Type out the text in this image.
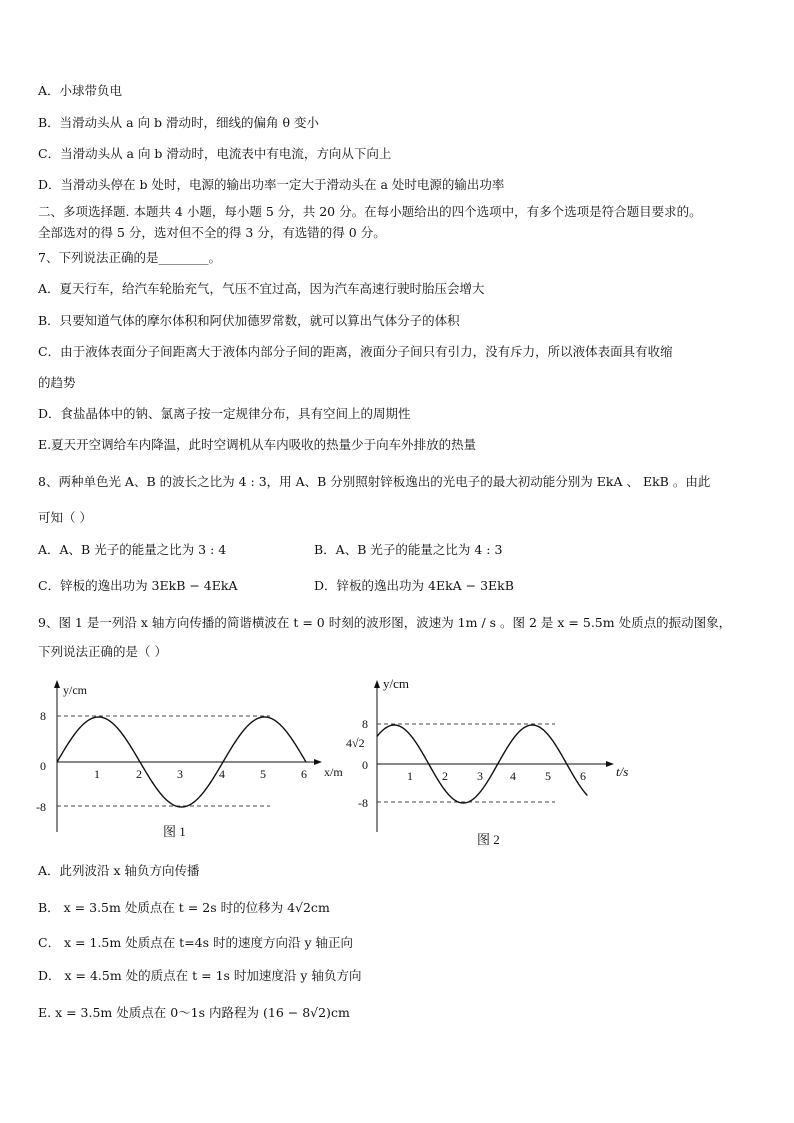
A．小球带负电
B．当滑动头从 a 向 b 滑动时，细线的偏角 θ 变小
C．当滑动头从 a 向 b 滑动时，电流表中有电流，方向从下向上
D．当滑动头停在 b 处时，电源的输出功率一定大于滑动头在 a 处时电源的输出功率
二、多项选择题. 本题共 4 小题，每小题 5 分，共 20 分。在每小题给出的四个选项中，有多个选项是符合题目要求的。
全部选对的得 5 分，选对但不全的得 3 分，有选错的得 0 分。
7、下列说法正确的是________。
A．夏天行车，给汽车轮胎充气，气压不宜过高，因为汽车高速行驶时胎压会增大
B．只要知道气体的摩尔体积和阿伏加德罗常数，就可以算出气体分子的体积
C．由于液体表面分子间距离大于液体内部分子间的距离，液面分子间只有引力，没有斥力，所以液体表面具有收缩
的趋势
D．食盐晶体中的钠、氯离子按一定规律分布，具有空间上的周期性
E.夏天开空调给车内降温，此时空调机从车内吸收的热量少于向车外排放的热量
8、两种单色光 A、B 的波长之比为 4 : 3，用 A、B 分别照射锌板逸出的光电子的最大初动能分别为 EkA 、 EkB 。由此
可知（ ）
A．A、B 光子的能量之比为 3 : 4	B．A、B 光子的能量之比为 4 : 3
C．锌板的逸出功为 3EkB − 4EkA	D．锌板的逸出功为 4EkA − 3EkB
9、图 1 是一列沿 x 轴方向传播的简谐横波在 t = 0 时刻的波形图，波速为 1m / s 。图 2 是 x = 5.5m 处质点的振动图象，
下列说法正确的是（ ）
y/cm
x/m
0
8
-8
1	2	3	4	5	6
图 1
y/cm
t/s
0
8
4√2
-8
1 2 3 4 5 6
图 2
A．此列波沿 x 轴负方向传播
B． x = 3.5m 处质点在 t = 2s 时的位移为 4√2cm
C． x = 1.5m 处质点在 t=4s 时的速度方向沿 y 轴正向
D． x = 4.5m 处的质点在 t = 1s 时加速度沿 y 轴负方向
E. x = 3.5m 处质点在 0～1s 内路程为 (16 − 8√2)cm
